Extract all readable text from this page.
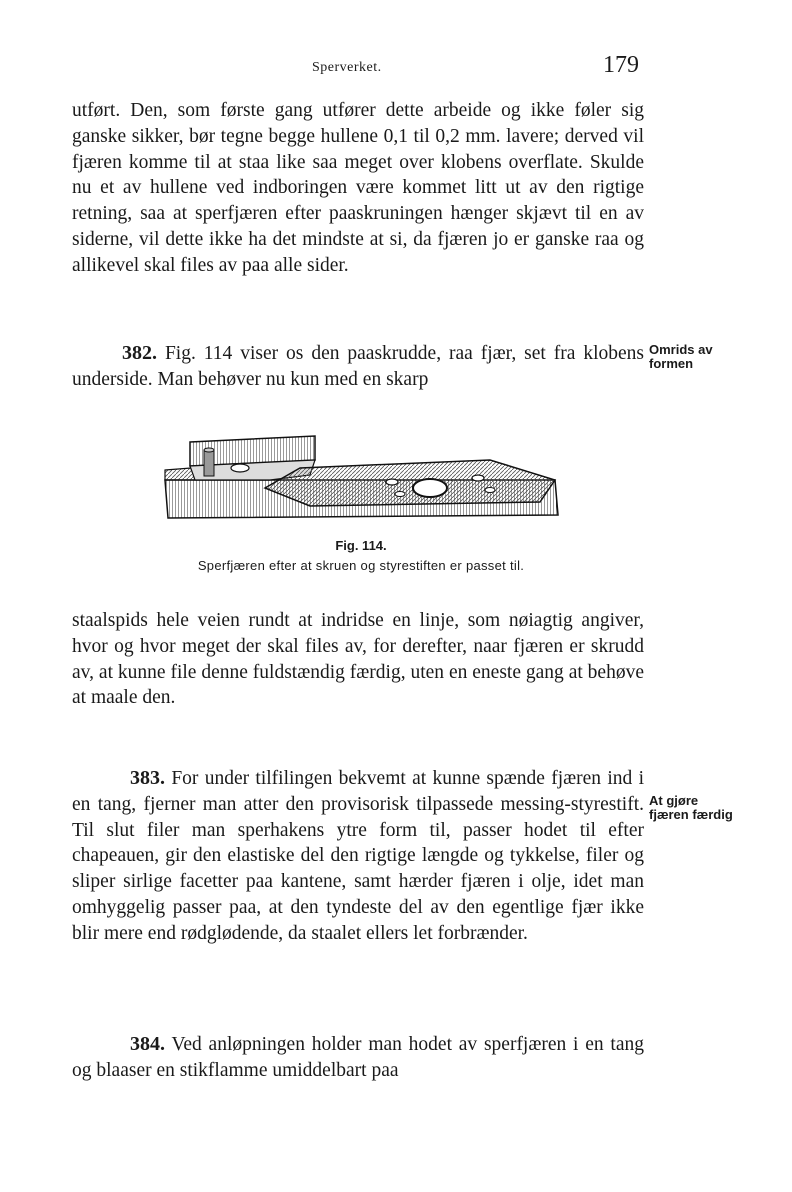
Sperverket.	179

utført. Den, som første gang utfører dette arbeide og ikke føler sig ganske sikker, bør tegne begge hullene 0,1 til 0,2 mm. lavere; derved vil fjæren komme til at staa like saa meget over klobens overflate. Skulde nu et av hullene ved indboringen være kommet litt ut av den rigtige retning, saa at sperfjæren efter paaskruningen hænger skjævt til en av siderne, vil dette ikke ha det mindste at si, da fjæren jo er ganske raa og allikevel skal files av paa alle sider.

382. Fig. 114 viser os den paaskrudde, raa fjær, set fra klobens underside. Man behøver nu kun med en skarp

Omrids av
formen
Fig. 114.
Sperfjæren efter at skruen og styrestiften er passet til.

staalspids hele veien rundt at indridse en linje, som nøiagtig angiver, hvor og hvor meget der skal files av, for derefter, naar fjæren er skrudd av, at kunne file denne fuldstændig færdig, uten en eneste gang at behøve at maale den.

383. For under tilfilingen bekvemt at kunne spænde fjæren ind i en tang, fjerner man atter den provisorisk tilpassede messing-styrestift. Til slut filer man sperhakens ytre form til, passer hodet til efter chapeauen, gir den elastiske del den rigtige længde og tykkelse, filer og sliper sirlige facetter paa kantene, samt hærder fjæren i olje, idet man omhyggelig passer paa, at den tyndeste del av den egentlige fjær ikke blir mere end rødglødende, da staalet ellers let forbrænder.

At gjøre
fjæren færdig

384. Ved anløpningen holder man hodet av sperfjæren i en tang og blaaser en stikflamme umiddelbart paa
